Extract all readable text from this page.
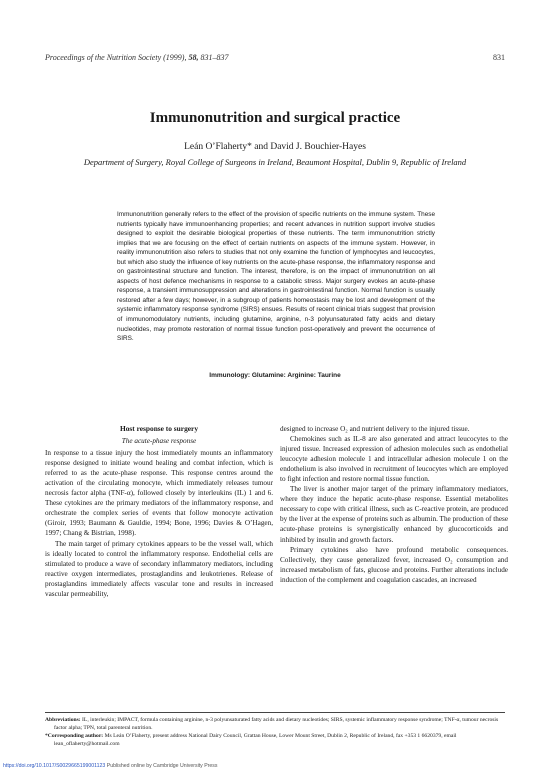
Proceedings of the Nutrition Society (1999), 58, 831–837	831
Immunonutrition and surgical practice
Leán O’Flaherty* and David J. Bouchier-Hayes
Department of Surgery, Royal College of Surgeons in Ireland, Beaumont Hospital, Dublin 9, Republic of Ireland

Immunonutrition generally refers to the effect of the provision of specific nutrients on the immune system. These nutrients typically have immunoenhancing properties; and recent advances in nutrition support involve studies designed to exploit the desirable biological properties of these nutrients. The term immunonutrition strictly implies that we are focusing on the effect of certain nutrients on aspects of the immune system. However, in reality immunonutrition also refers to studies that not only examine the function of lymphocytes and leucocytes, but which also study the influence of key nutrients on the acute-phase response, the inflammatory response and on gastrointestinal structure and function. The interest, therefore, is on the impact of immunonutrition on all aspects of host defence mechanisms in response to a catabolic stress. Major surgery evokes an acute-phase response, a transient immunosuppression and alterations in gastrointestinal function. Normal function is usually restored after a few days; however, in a subgroup of patients homeostasis may be lost and development of the systemic inflammatory response syndrome (SIRS) ensues. Results of recent clinical trials suggest that provision of immunomodulatory nutrients, including glutamine, arginine, n-3 polyunsaturated fatty acids and dietary nucleotides, may promote restoration of normal tissue function post-operatively and prevent the occurrence of SIRS.

Immunology: Glutamine: Arginine: Taurine
Host response to surgery
The acute-phase response

In response to a tissue injury the host immediately mounts an inflammatory response designed to initiate wound healing and combat infection, which is referred to as the acute-phase response. This response centres around the activation of the circulating monocyte, which immediately releases tumour necrosis factor alpha (TNF-α), followed closely by interleukins (IL) 1 and 6. These cytokines are the primary mediators of the inflammatory response, and orchestrate the complex series of events that follow monocyte activation (Giroir, 1993; Baumann & Gauldie, 1994; Bone, 1996; Davies & O’Hagen, 1997; Chang & Bistrian, 1998).

The main target of primary cytokines appears to be the vessel wall, which is ideally located to control the inflammatory response. Endothelial cells are stimulated to produce a wave of secondary inflammatory mediators, including reactive oxygen intermediates, prostaglandins and leukotrienes. Release of prostaglandins immediately affects vascular tone and results in increased vascular permeability,

designed to increase O₂ and nutrient delivery to the injured tissue.

Chemokines such as IL-8 are also generated and attract leucocytes to the injured tissue. Increased expression of adhesion molecules such as endothelial leucocyte adhesion molecule 1 and intracellular adhesion molecule 1 on the endothelium is also involved in recruitment of leucocytes which are employed to fight infection and restore normal tissue function.

The liver is another major target of the primary inflammatory mediators, where they induce the hepatic acute-phase response. Essential metabolites necessary to cope with critical illness, such as C-reactive protein, are produced by the liver at the expense of proteins such as albumin. The production of these acute-phase proteins is synergistically enhanced by glucocorticoids and inhibited by insulin and growth factors.

Primary cytokines also have profound metabolic consequences. Collectively, they cause generalized fever, increased O₂ consumption and increased metabolism of fats, glucose and proteins. Further alterations include induction of the complement and coagulation cascades, an increased

Abbreviations: IL, interleukin; IMPACT, formula containing arginine, n-3 polyunsaturated fatty acids and dietary nucleotides; SIRS, systemic inflammatory response syndrome; TNF-α, tumour necrosis factor alpha; TPN, total parenteral nutrition.

*Corresponding author: Ms Leán O’Flaherty, present address National Dairy Council, Grattan House, Lower Mount Street, Dublin 2, Republic of Ireland, fax +353 1 6620379, email lean_oflaherty@hotmail.com

https://doi.org/10.1017/S0029665199001123 Published online by Cambridge University Press
